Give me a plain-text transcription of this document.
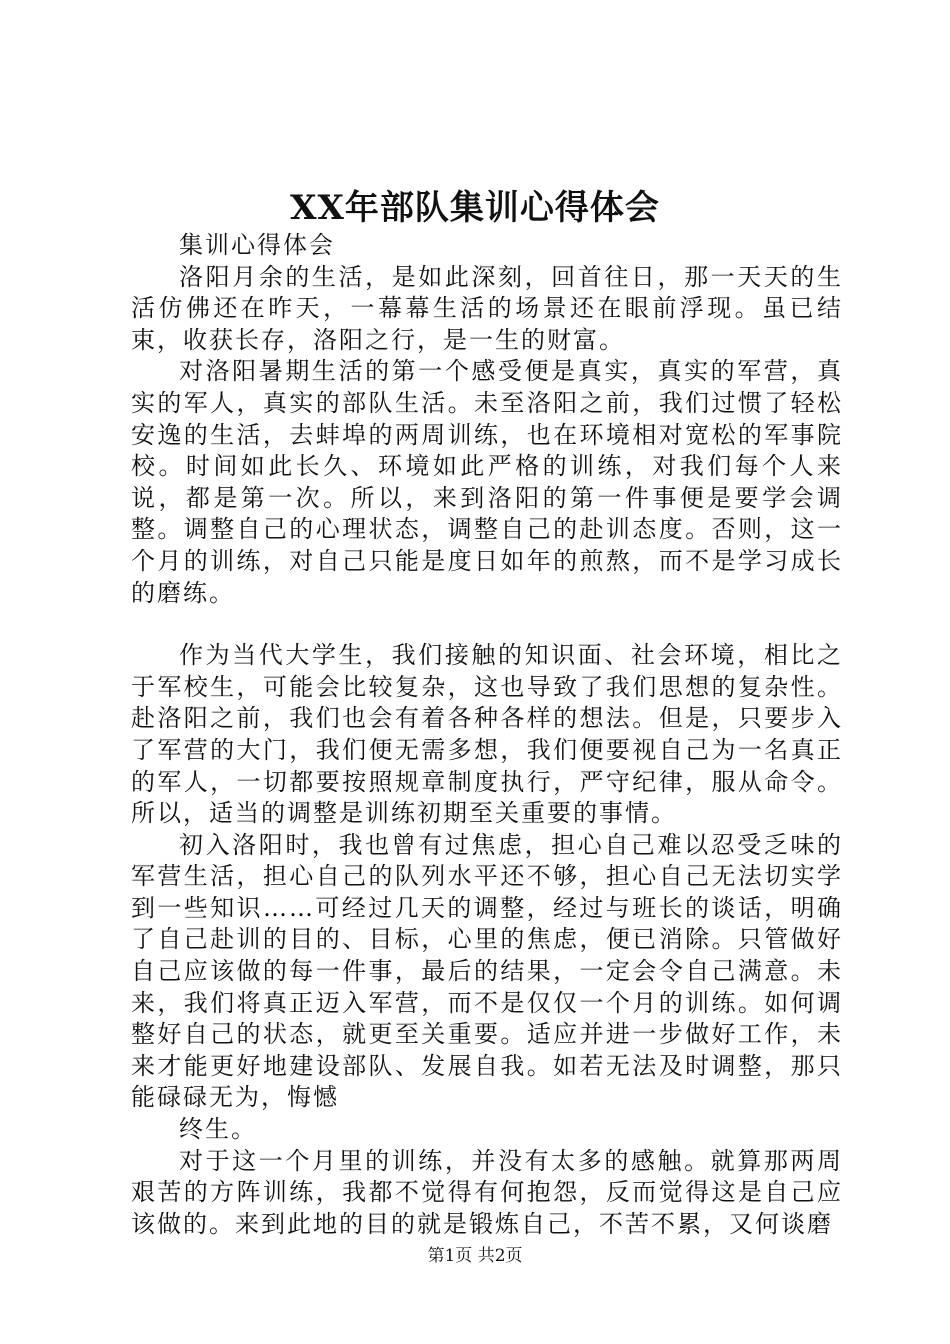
XX年部队集训心得体会

集训心得体会

洛阳月余的生活，是如此深刻，回首往日，那一天天的生活仿佛还在昨天，一幕幕生活的场景还在眼前浮现。虽已结束，收获长存，洛阳之行，是一生的财富。

对洛阳暑期生活的第一个感受便是真实，真实的军营，真实的军人，真实的部队生活。未至洛阳之前，我们过惯了轻松安逸的生活，去蚌埠的两周训练，也在环境相对宽松的军事院校。时间如此长久、环境如此严格的训练，对我们每个人来说，都是第一次。所以，来到洛阳的第一件事便是要学会调整。调整自己的心理状态，调整自己的赴训态度。否则，这一个月的训练，对自己只能是度日如年的煎熬，而不是学习成长的磨练。

作为当代大学生，我们接触的知识面、社会环境，相比之于军校生，可能会比较复杂，这也导致了我们思想的复杂性。赴洛阳之前，我们也会有着各种各样的想法。但是，只要步入了军营的大门，我们便无需多想，我们便要视自己为一名真正的军人，一切都要按照规章制度执行，严守纪律，服从命令。所以，适当的调整是训练初期至关重要的事情。

初入洛阳时，我也曾有过焦虑，担心自己难以忍受乏味的军营生活，担心自己的队列水平还不够，担心自己无法切实学到一些知识……可经过几天的调整，经过与班长的谈话，明确了自己赴训的目的、目标，心里的焦虑，便已消除。只管做好自己应该做的每一件事，最后的结果，一定会令自己满意。未来，我们将真正迈入军营，而不是仅仅一个月的训练。如何调整好自己的状态，就更至关重要。适应并进一步做好工作，未来才能更好地建设部队、发展自我。如若无法及时调整，那只能碌碌无为，悔憾

终生。

对于这一个月里的训练，并没有太多的感触。就算那两周艰苦的方阵训练，我都不觉得有何抱怨，反而觉得这是自己应该做的。来到此地的目的就是锻炼自己，不苦不累，又何谈磨

第1页 共2页
